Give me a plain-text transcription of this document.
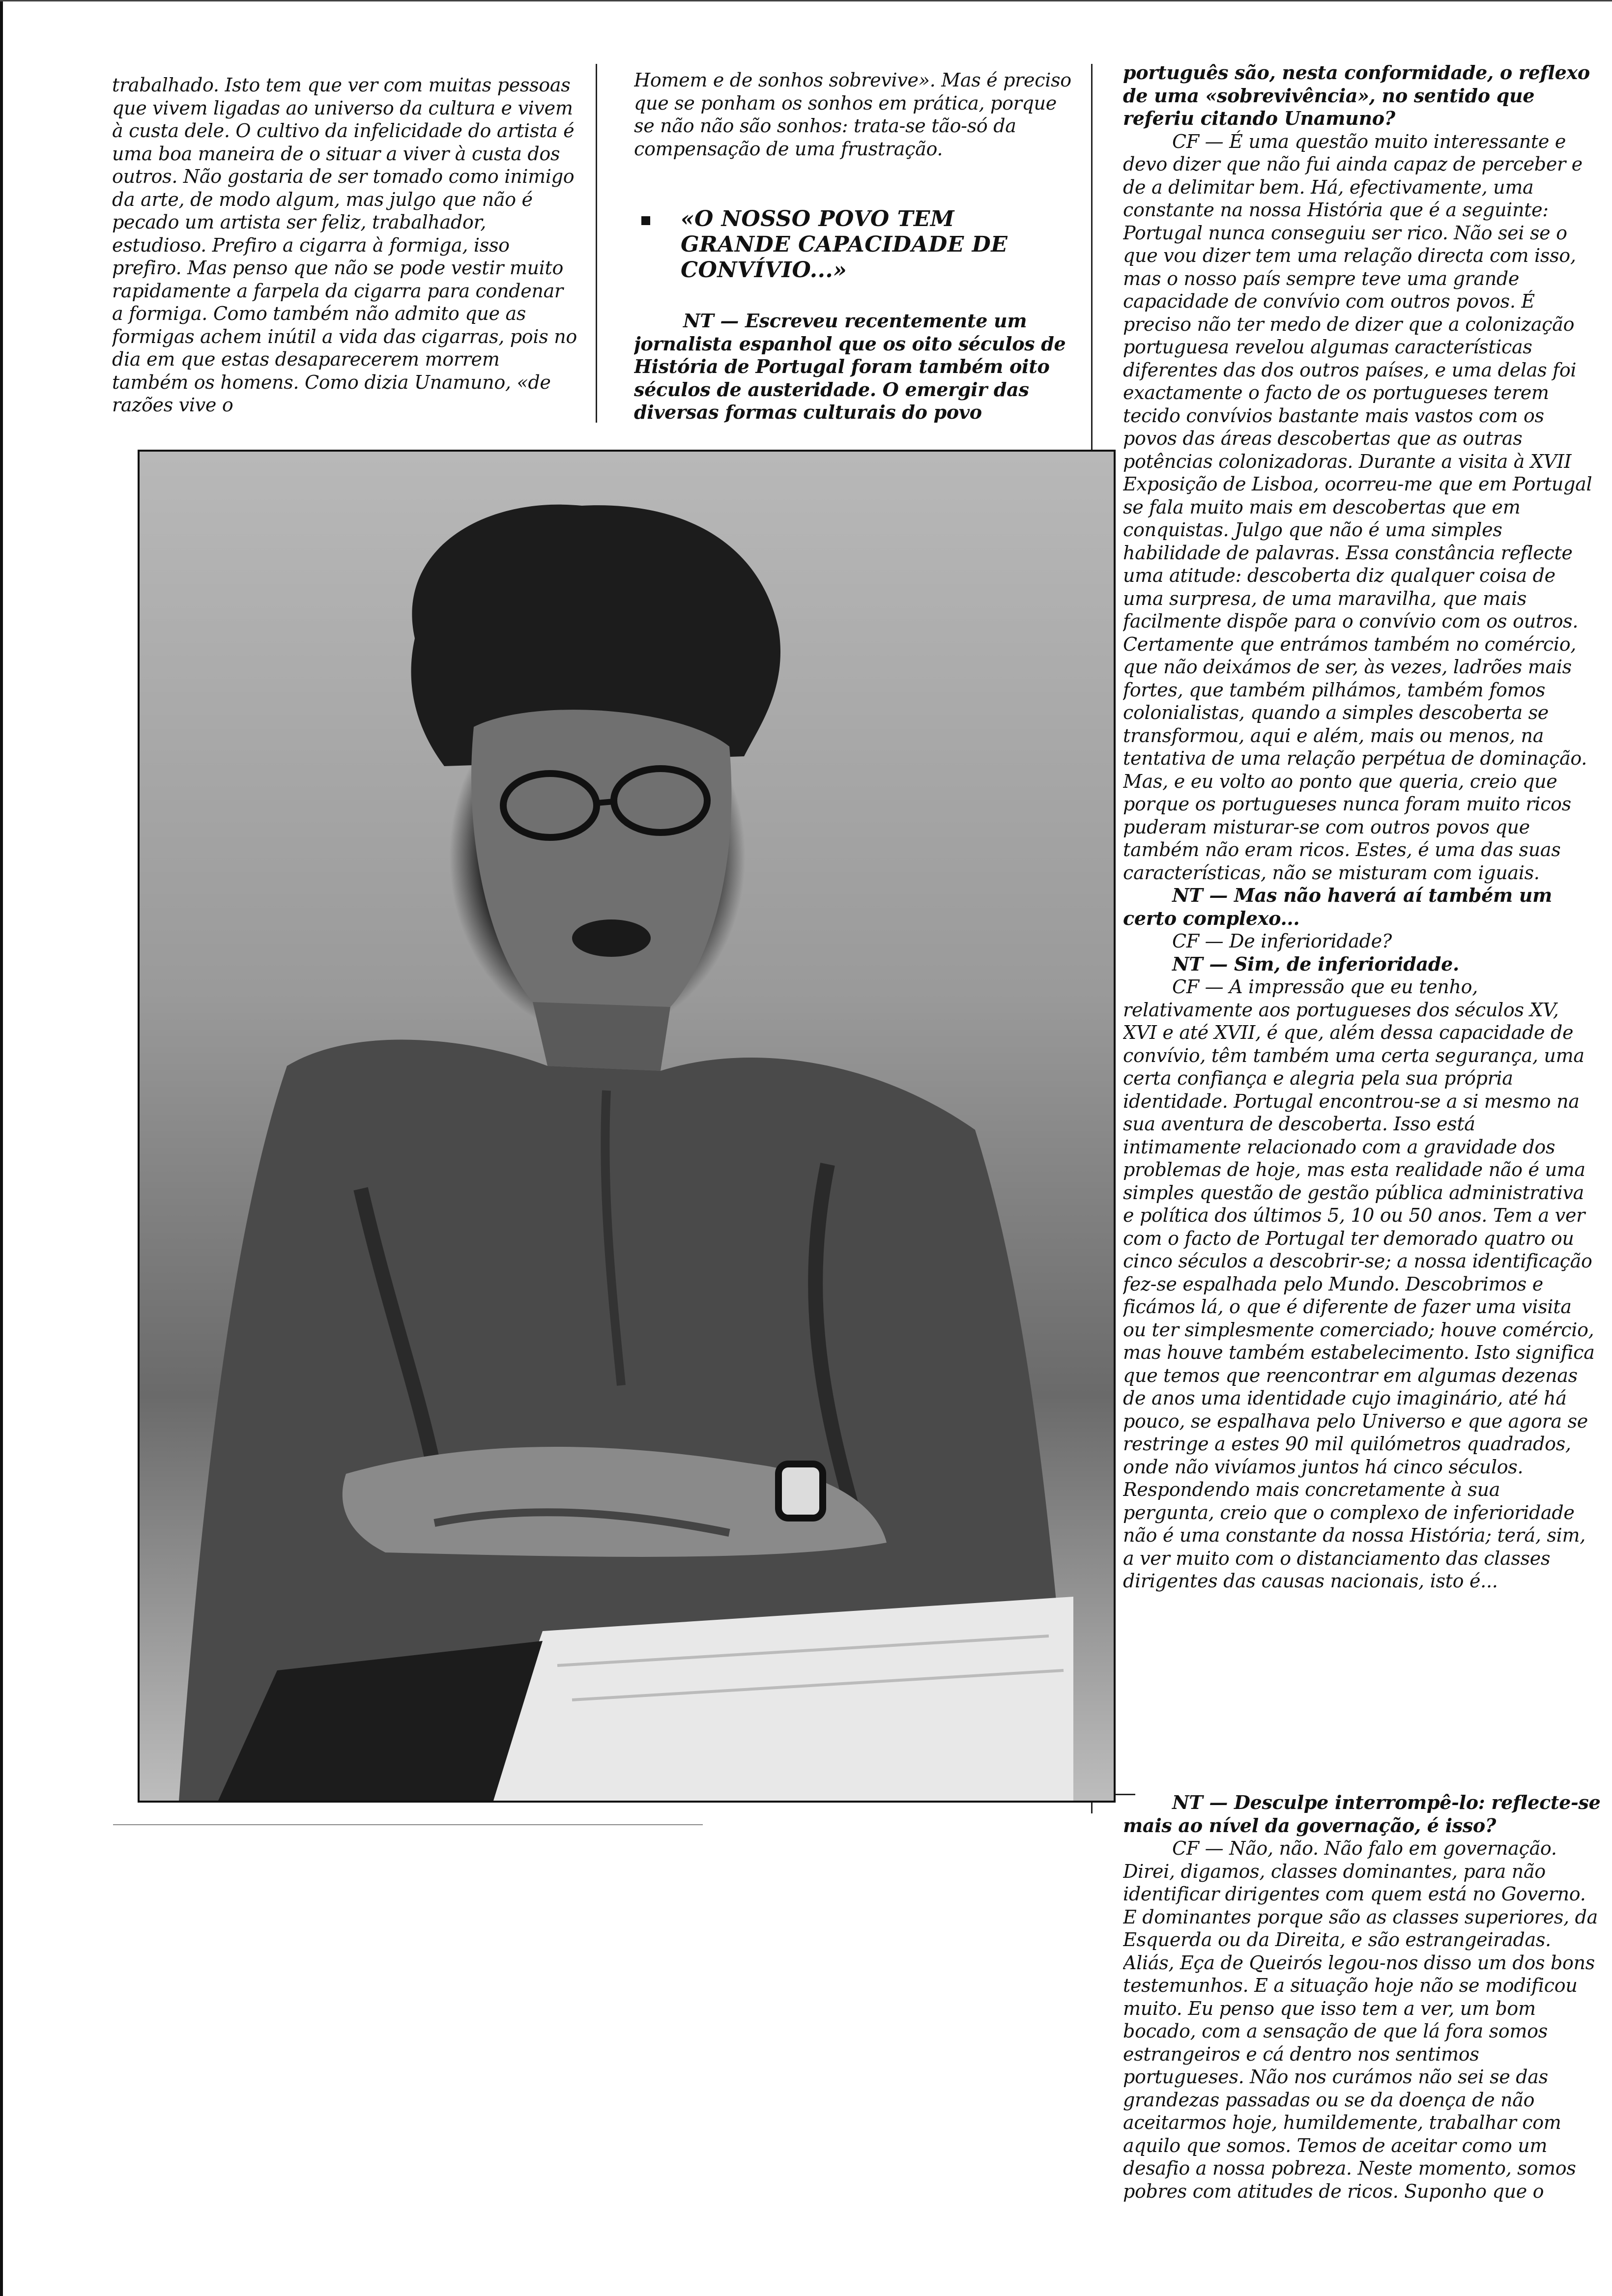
trabalhado. Isto tem que ver com muitas pessoas que vivem ligadas ao universo da cultura e vivem à custa dele. O cultivo da infelicidade do artista é uma boa maneira de o situar a viver à custa dos outros. Não gostaria de ser tomado como inimigo da arte, de modo algum, mas julgo que não é pecado um artista ser feliz, trabalhador, estudioso. Prefiro a cigarra à formiga, isso prefiro. Mas penso que não se pode vestir muito rapidamente a farpela da cigarra para condenar a formiga. Como também não admito que as formigas achem inútil a vida das cigarras, pois no dia em que estas desaparecerem morrem também os homens. Como dizia Unamuno, «de razões vive o

Homem e de sonhos sobrevive». Mas é preciso que se ponham os sonhos em prática, porque se não não são sonhos: trata-se tão-só da compensação de uma frustração.

«O NOSSO POVO TEM GRANDE CAPACIDADE DE CONVÍVIO...»

NT — Escreveu recentemente um jornalista espanhol que os oito séculos de História de Portugal foram também oito séculos de austeridade. O emergir das diversas formas culturais do povo

português são, nesta conformidade, o reflexo de uma «sobrevivência», no sentido que referiu citando Unamuno?

CF — É uma questão muito interessante e devo dizer que não fui ainda capaz de perceber e de a delimitar bem. Há, efectivamente, uma constante na nossa História que é a seguinte: Portugal nunca conseguiu ser rico. Não sei se o que vou dizer tem uma relação directa com isso, mas o nosso país sempre teve uma grande capacidade de convívio com outros povos. É preciso não ter medo de dizer que a colonização portuguesa revelou algumas características diferentes das dos outros países, e uma delas foi exactamente o facto de os portugueses terem tecido convívios bastante mais vastos com os povos das áreas descobertas que as outras potências colonizadoras. Durante a visita à XVII Exposição de Lisboa, ocorreu-me que em Portugal se fala muito mais em descobertas que em conquistas. Julgo que não é uma simples habilidade de palavras. Essa constância reflecte uma atitude: descoberta diz qualquer coisa de uma surpresa, de uma maravilha, que mais facilmente dispõe para o convívio com os outros. Certamente que entrámos também no comércio, que não deixámos de ser, às vezes, ladrões mais fortes, que também pilhámos, também fomos colonialistas, quando a simples descoberta se transformou, aqui e além, mais ou menos, na tentativa de uma relação perpétua de dominação. Mas, e eu volto ao ponto que queria, creio que porque os portugueses nunca foram muito ricos puderam misturar-se com outros povos que também não eram ricos. Estes, é uma das suas características, não se misturam com iguais.

NT — Mas não haverá aí também um certo complexo...

CF — De inferioridade?

NT — Sim, de inferioridade.

CF — A impressão que eu tenho, relativamente aos portugueses dos séculos XV, XVI e até XVII, é que, além dessa capacidade de convívio, têm também uma certa segurança, uma certa confiança e alegria pela sua própria identidade. Portugal encontrou-se a si mesmo na sua aventura de descoberta. Isso está intimamente relacionado com a gravidade dos problemas de hoje, mas esta realidade não é uma simples questão de gestão pública administrativa e política dos últimos 5, 10 ou 50 anos. Tem a ver com o facto de Portugal ter demorado quatro ou cinco séculos a descobrir-se; a nossa identificação fez-se espalhada pelo Mundo. Descobrimos e ficámos lá, o que é diferente de fazer uma visita ou ter simplesmente comerciado; houve comércio, mas houve também estabelecimento. Isto significa que temos que reencontrar em algumas dezenas de anos uma identidade cujo imaginário, até há pouco, se espalhava pelo Universo e que agora se restringe a estes 90 mil quilómetros quadrados, onde não vivíamos juntos há cinco séculos. Respondendo mais concretamente à sua pergunta, creio que o complexo de inferioridade não é uma constante da nossa História; terá, sim, a ver muito com o distanciamento das classes dirigentes das causas nacionais, isto é...

NT — Desculpe interrompê-lo: reflecte-se mais ao nível da governação, é isso?

CF — Não, não. Não falo em governação. Direi, digamos, classes dominantes, para não identificar dirigentes com quem está no Governo. E dominantes porque são as classes superiores, da Esquerda ou da Direita, e são estrangeiradas. Aliás, Eça de Queirós legou-nos disso um dos bons testemunhos. E a situação hoje não se modificou muito. Eu penso que isso tem a ver, um bom bocado, com a sensação de que lá fora somos estrangeiros e cá dentro nos sentimos portugueses. Não nos curámos não sei se das grandezas passadas ou se da doença de não aceitarmos hoje, humildemente, trabalhar com aquilo que somos. Temos de aceitar como um desafio a nossa pobreza. Neste momento, somos pobres com atitudes de ricos. Suponho que o
